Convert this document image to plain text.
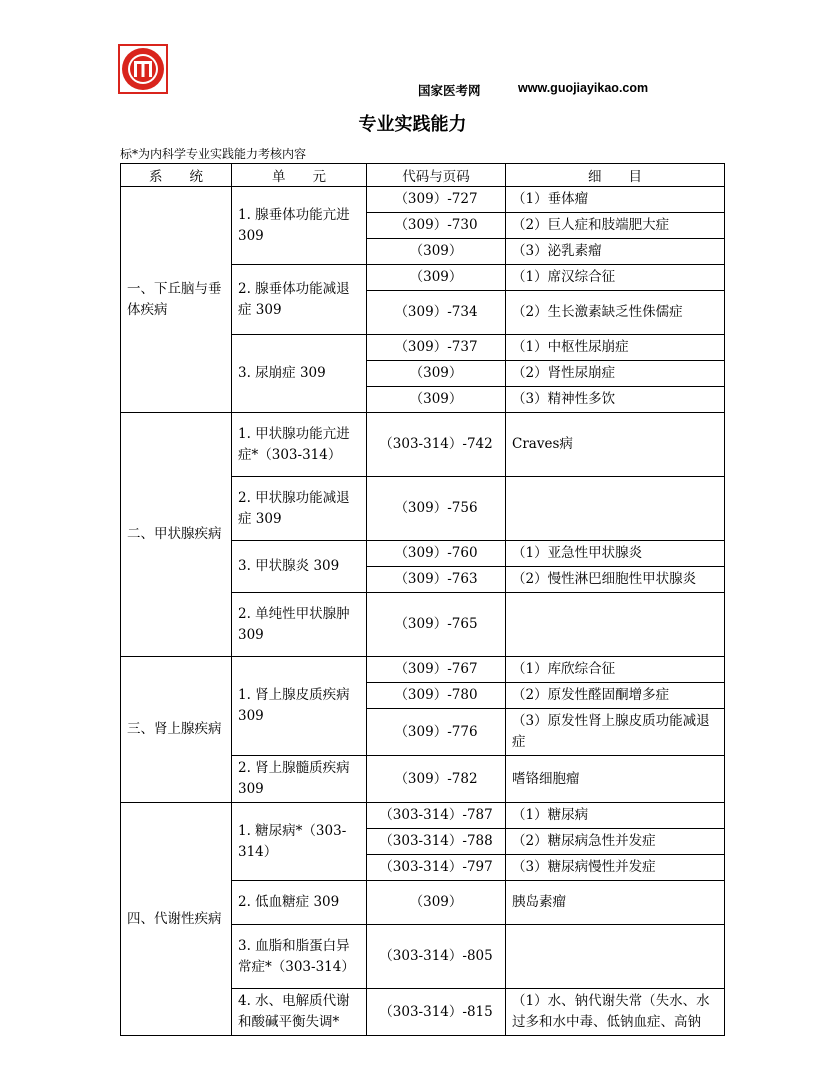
国家医考网	www.guojiayikao.com
专业实践能力
标*为内科学专业实践能力考核内容
系　　统	单　　元	代码与页码	细　　目
一、下丘脑与垂体疾病	1. 腺垂体功能亢进 309	（309）-727	（1）垂体瘤
		（309）-730	（2）巨人症和肢端肥大症
		（309）	（3）泌乳素瘤
	2. 腺垂体功能减退症 309	（309）	（1）席汉综合征
		（309）-734	（2）生长激素缺乏性侏儒症
	3. 尿崩症 309	（309）-737	（1）中枢性尿崩症
		（309）	（2）肾性尿崩症
		（309）	（3）精神性多饮
二、甲状腺疾病	1. 甲状腺功能亢进症*（303-314）	（303-314）-742	Craves病
	2. 甲状腺功能减退症 309	（309）-756	
	3. 甲状腺炎 309	（309）-760	（1）亚急性甲状腺炎
		（309）-763	（2）慢性淋巴细胞性甲状腺炎
	2. 单纯性甲状腺肿 309	（309）-765	
三、肾上腺疾病	1. 肾上腺皮质疾病 309	（309）-767	（1）库欣综合征
		（309）-780	（2）原发性醛固酮增多症
		（309）-776	（3）原发性肾上腺皮质功能减退症
	2. 肾上腺髓质疾病 309	（309）-782	嗜铬细胞瘤
四、代谢性疾病	1. 糖尿病*（303-314）	（303-314）-787	（1）糖尿病
		（303-314）-788	（2）糖尿病急性并发症
		（303-314）-797	（3）糖尿病慢性并发症
	2. 低血糖症 309	（309）	胰岛素瘤
	3. 血脂和脂蛋白异常症*（303-314）	（303-314）-805	
	4. 水、电解质代谢和酸碱平衡失调*	（303-314）-815	（1）水、钠代谢失常（失水、水过多和水中毒、低钠血症、高钠
